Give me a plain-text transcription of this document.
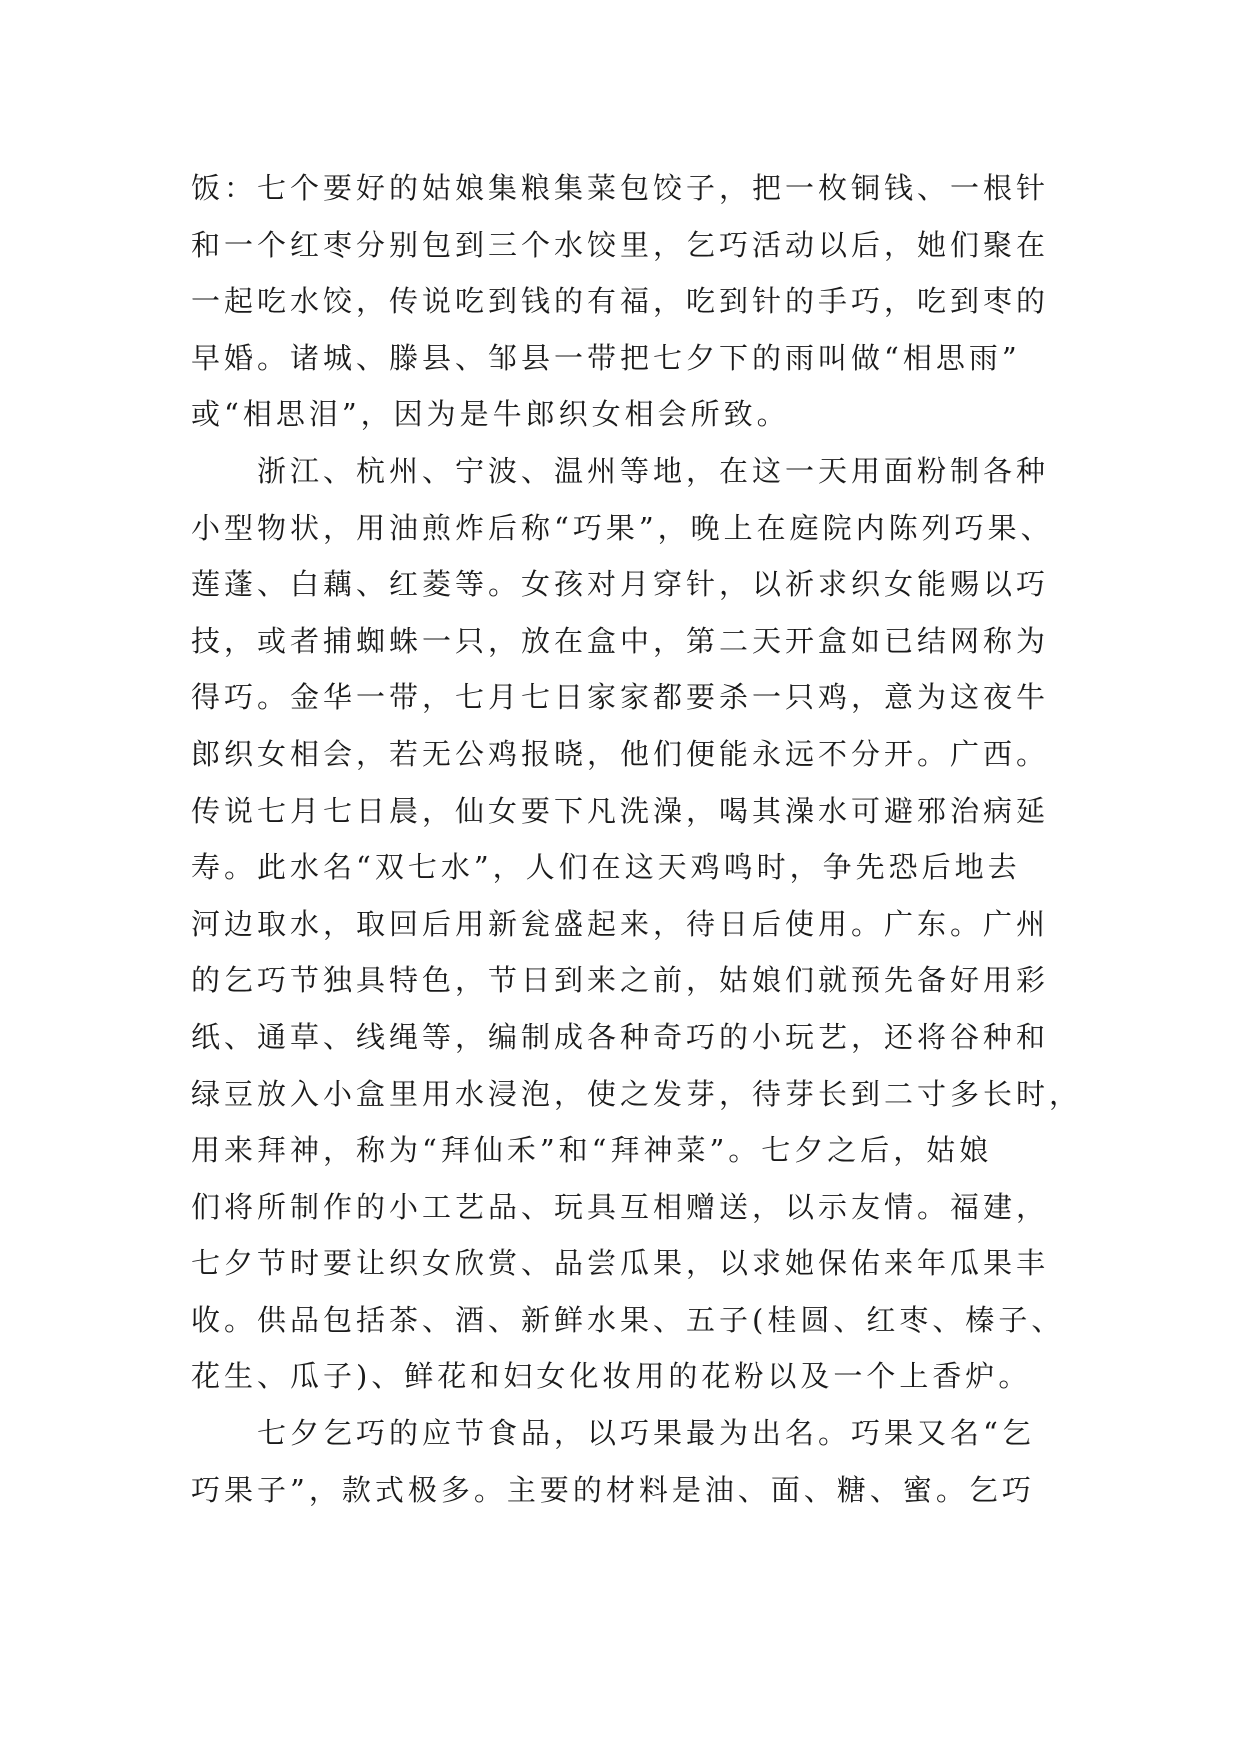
饭：七个要好的姑娘集粮集菜包饺子，把一枚铜钱、一根针
和一个红枣分别包到三个水饺里，乞巧活动以后，她们聚在
一起吃水饺，传说吃到钱的有福，吃到针的手巧，吃到枣的
早婚。诸城、滕县、邹县一带把七夕下的雨叫做“相思雨”
或“相思泪”，因为是牛郎织女相会所致。
　　浙江、杭州、宁波、温州等地，在这一天用面粉制各种
小型物状，用油煎炸后称“巧果”，晚上在庭院内陈列巧果、
莲蓬、白藕、红菱等。女孩对月穿针，以祈求织女能赐以巧
技，或者捕蜘蛛一只，放在盒中，第二天开盒如已结网称为
得巧。金华一带，七月七日家家都要杀一只鸡，意为这夜牛
郎织女相会，若无公鸡报晓，他们便能永远不分开。广西。
传说七月七日晨，仙女要下凡洗澡，喝其澡水可避邪治病延
寿。此水名“双七水”，人们在这天鸡鸣时，争先恐后地去
河边取水，取回后用新瓮盛起来，待日后使用。广东。广州
的乞巧节独具特色，节日到来之前，姑娘们就预先备好用彩
纸、通草、线绳等，编制成各种奇巧的小玩艺，还将谷种和
绿豆放入小盒里用水浸泡，使之发芽，待芽长到二寸多长时，
用来拜神，称为“拜仙禾”和“拜神菜”。七夕之后，姑娘
们将所制作的小工艺品、玩具互相赠送，以示友情。福建，
七夕节时要让织女欣赏、品尝瓜果，以求她保佑来年瓜果丰
收。供品包括茶、酒、新鲜水果、五子(桂圆、红枣、榛子、
花生、瓜子)、鲜花和妇女化妆用的花粉以及一个上香炉。
　　七夕乞巧的应节食品，以巧果最为出名。巧果又名“乞
巧果子”，款式极多。主要的材料是油、面、糖、蜜。乞巧
